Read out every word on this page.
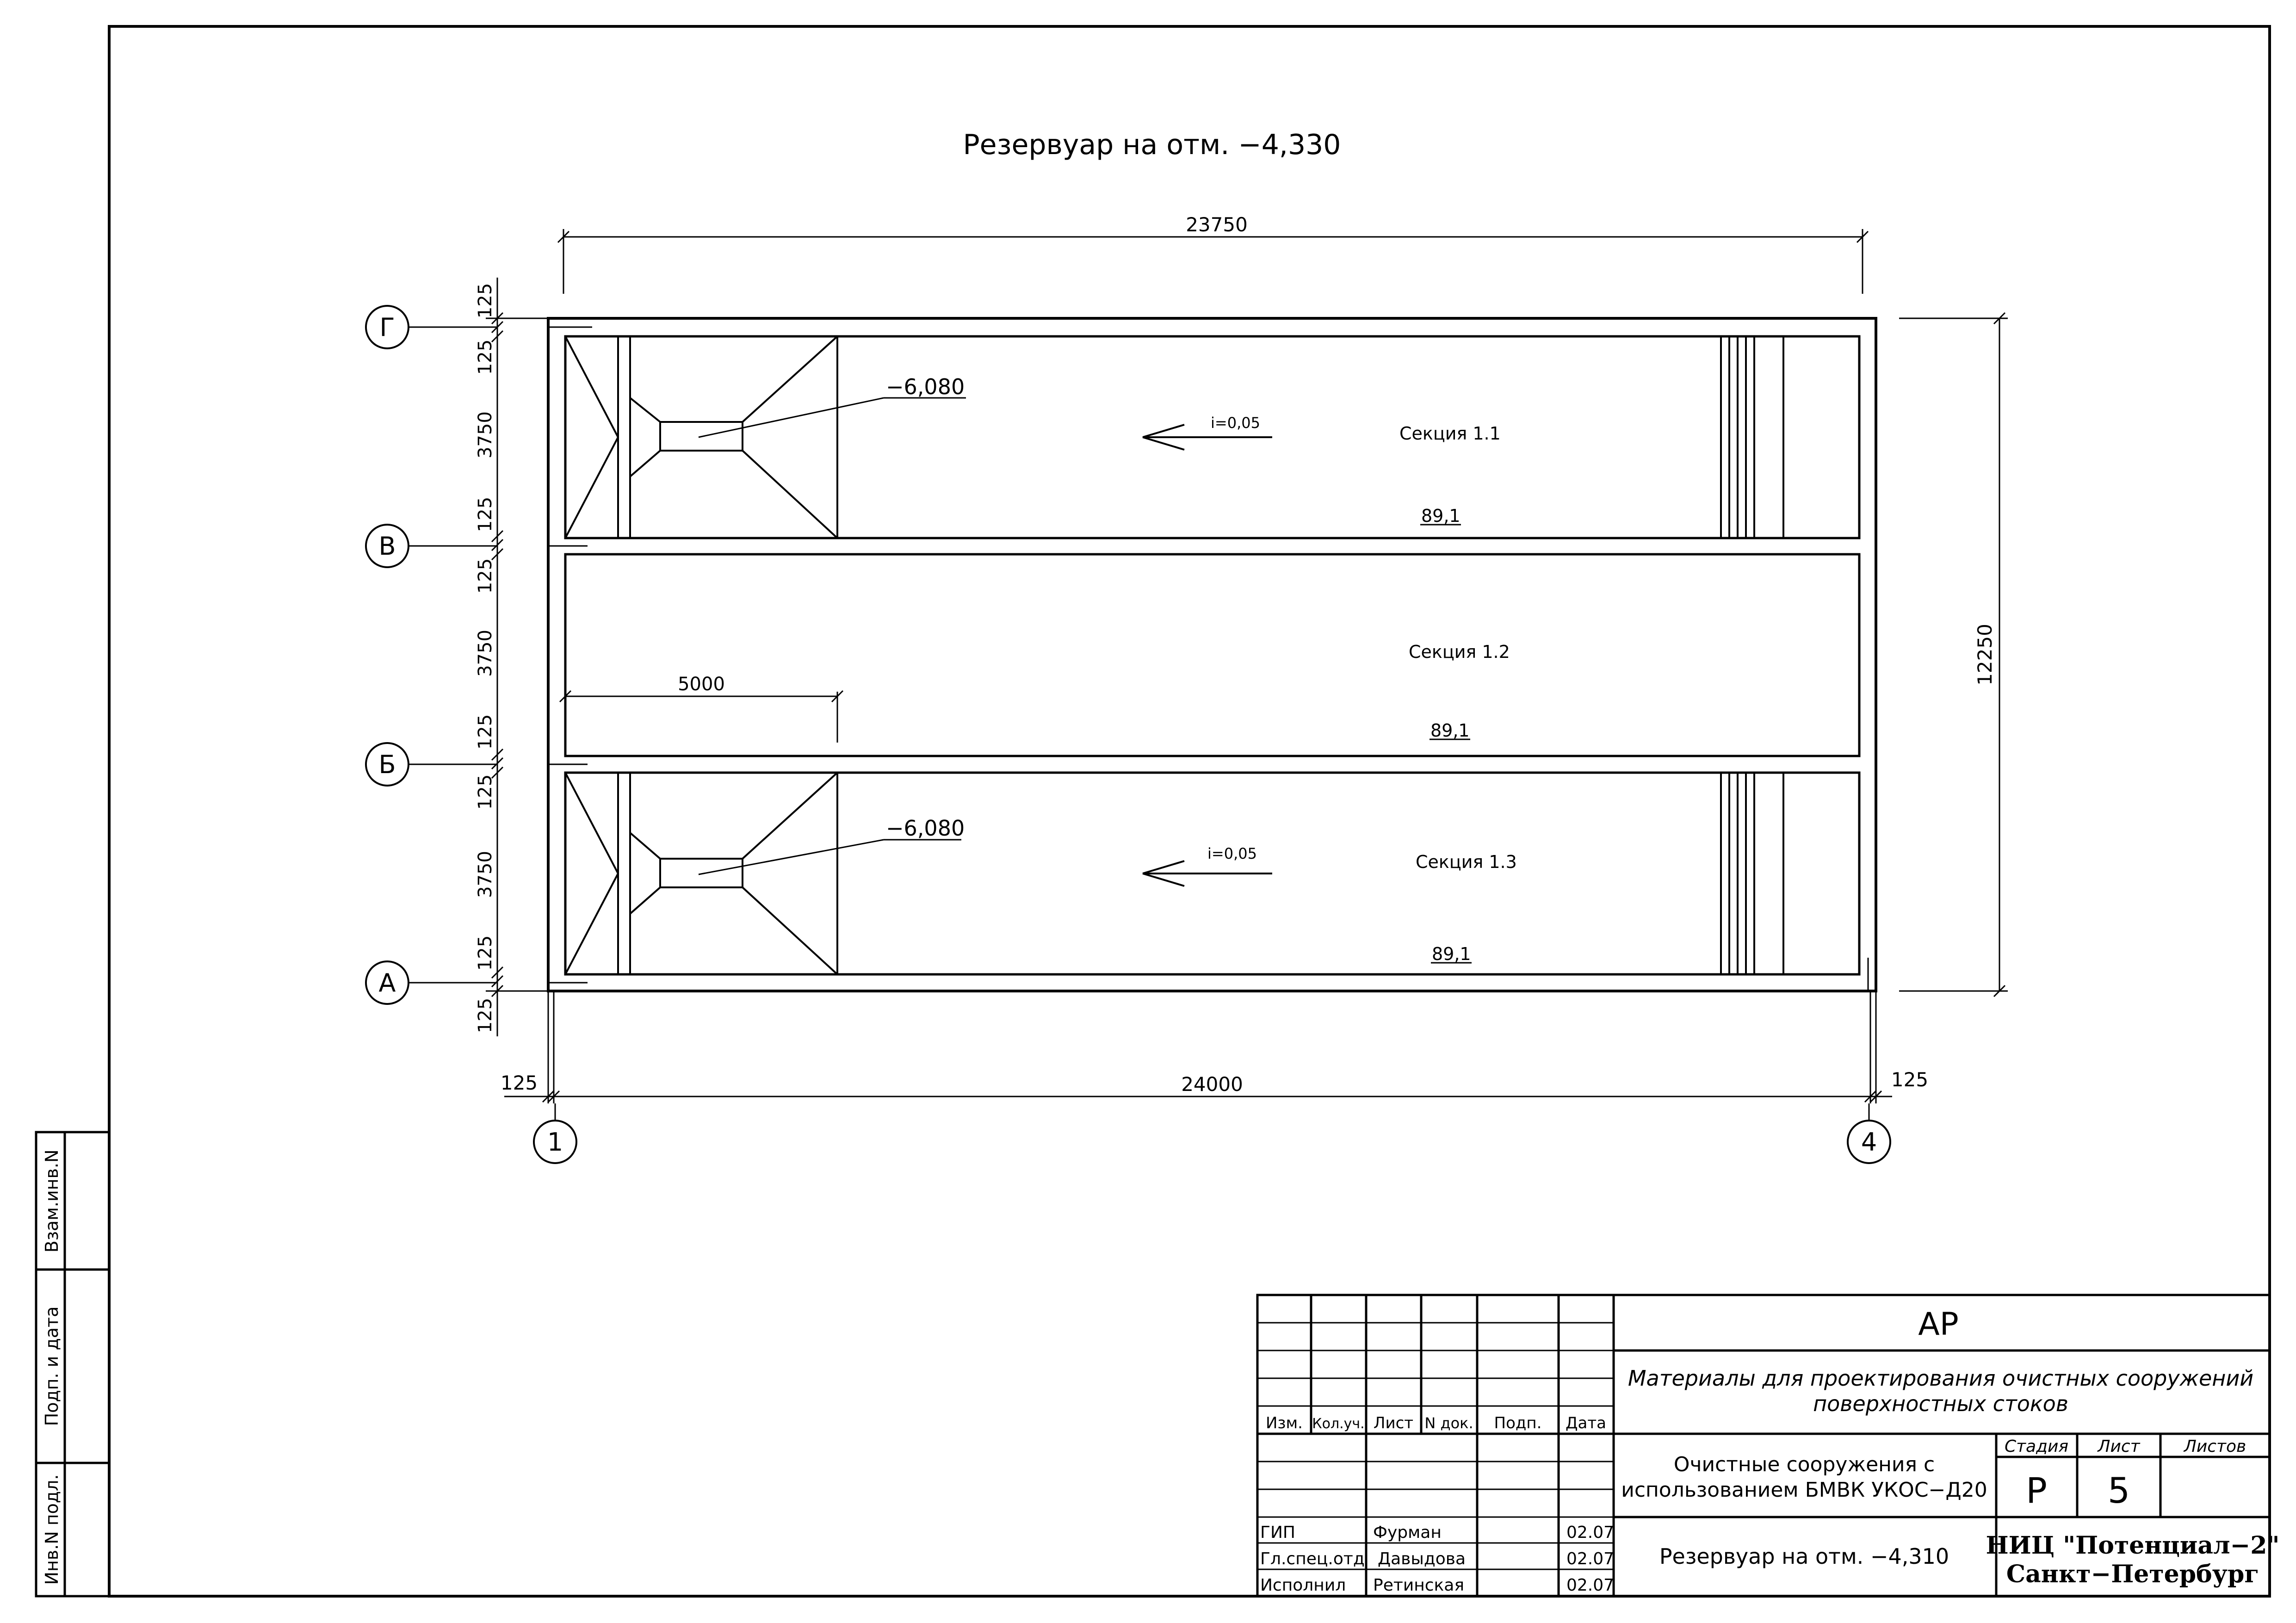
Взам.инв.N
Подп. и дата
Инв.N подл.
Резервуар на отм. −4,330
−6,080
i=0,05
Секция 1.1
89,1
Секция 1.2
89,1
5000
−6,080
i=0,05	Секция 1.3
89,1
23750
12250
24000
125	125
1	4
125
125
3750
125
125
3750
125
125
3750
125
125
Г
В
Б
А
Изм. Кол.уч. Лист N док. Подп. Дата
ГИП	Фурман	02.07
Гл.спец.отд Давыдова	02.07
Исполнил Ретинская	02.07
АР
Материалы для проектирования очистных сооружений
поверхностных стоков
Очистные сооружения с
использованием БМВК УКОС−Д20
Резервуар на отм. −4,310
Стадия Лист	Листов
Р 5
НИЦ "Потенциал−2"
Санкт−Петербург
